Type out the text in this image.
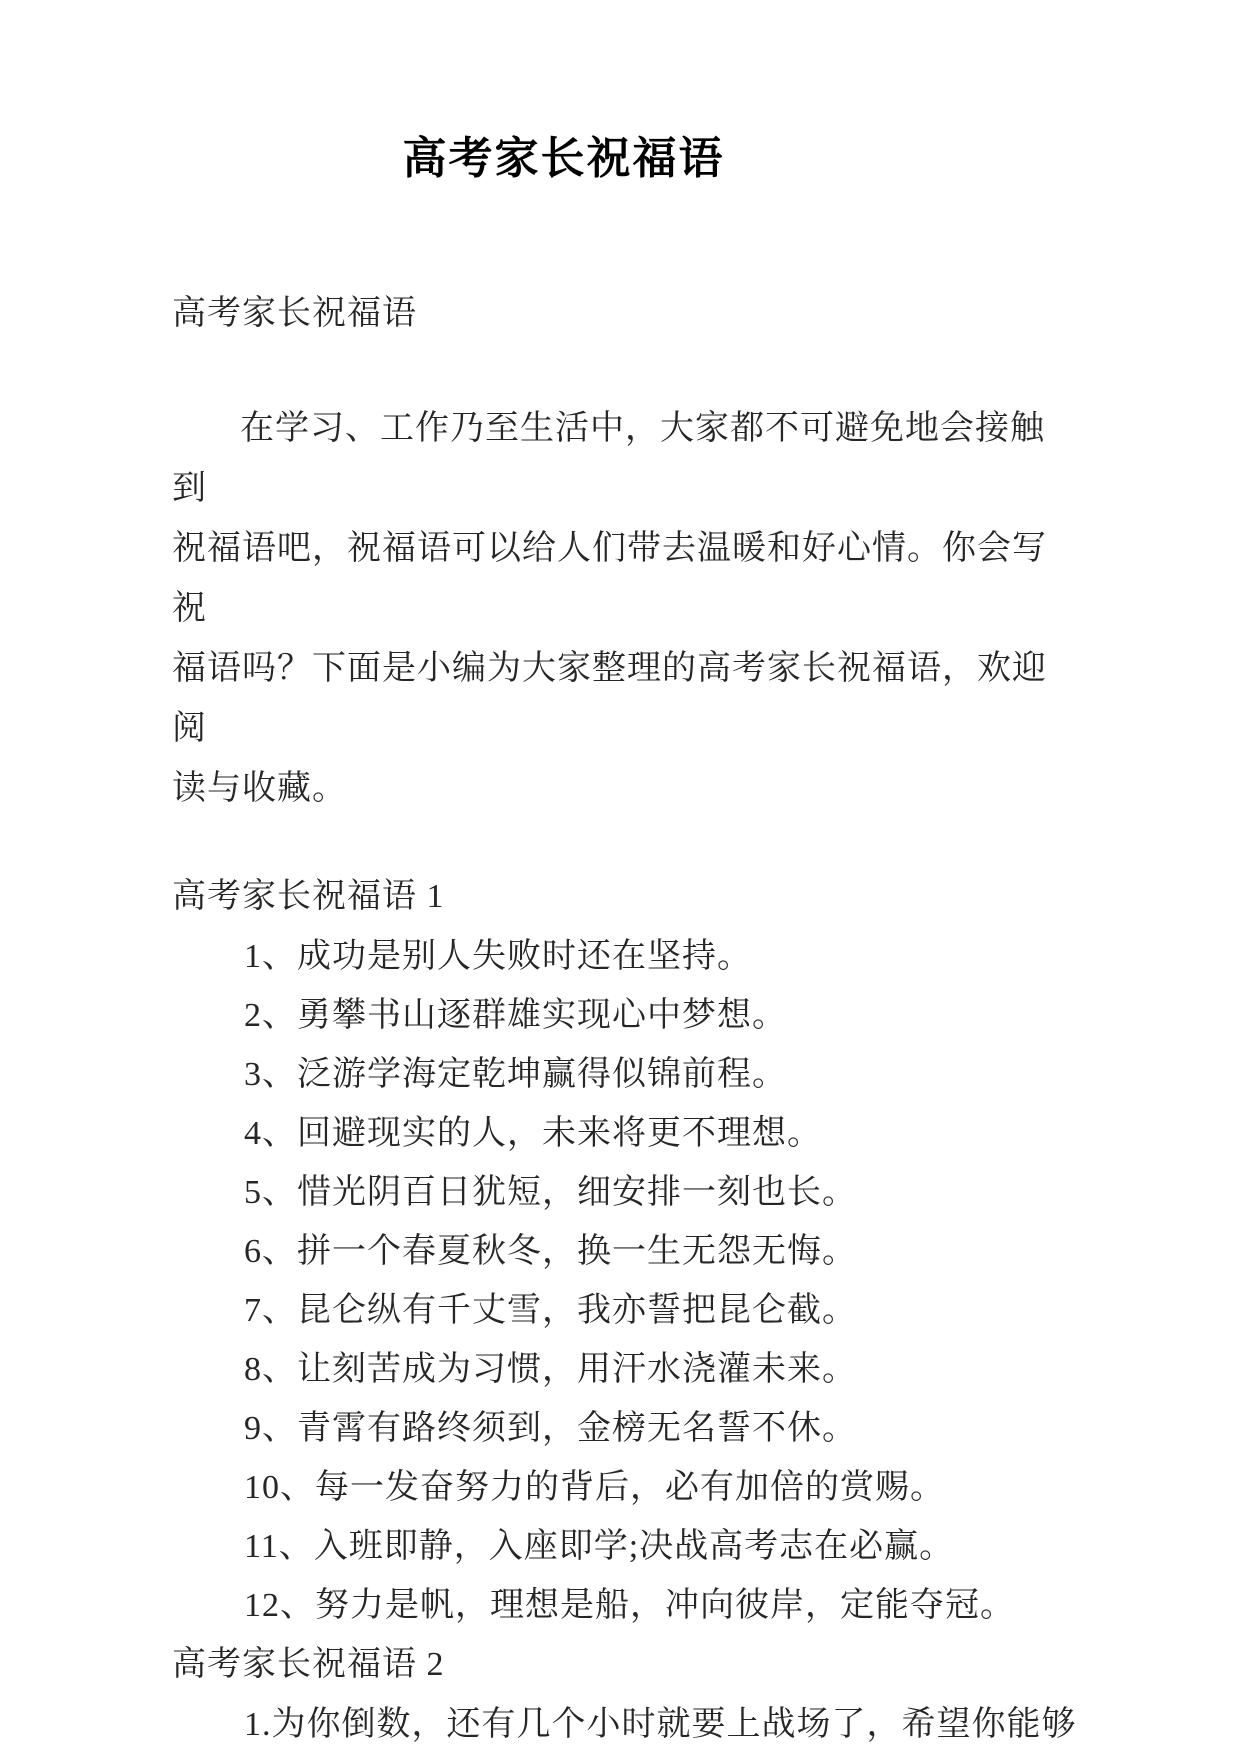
高考家长祝福语
高考家长祝福语
在学习、工作乃至生活中，大家都不可避免地会接触到
祝福语吧，祝福语可以给人们带去温暖和好心情。你会写祝
福语吗？下面是小编为大家整理的高考家长祝福语，欢迎阅
读与收藏。
高考家长祝福语 1
1、成功是别人失败时还在坚持。
2、勇攀书山逐群雄实现心中梦想。
3、泛游学海定乾坤赢得似锦前程。
4、回避现实的人，未来将更不理想。
5、惜光阴百日犹短，细安排一刻也长。
6、拼一个春夏秋冬，换一生无怨无悔。
7、昆仑纵有千丈雪，我亦誓把昆仑截。
8、让刻苦成为习惯，用汗水浇灌未来。
9、青霄有路终须到，金榜无名誓不休。
10、每一发奋努力的背后，必有加倍的赏赐。
11、入班即静，入座即学;决战高考志在必赢。
12、努力是帆，理想是船，冲向彼岸，定能夺冠。
高考家长祝福语 2
1.为你倒数，还有几个小时就要上战场了，希望你能够
